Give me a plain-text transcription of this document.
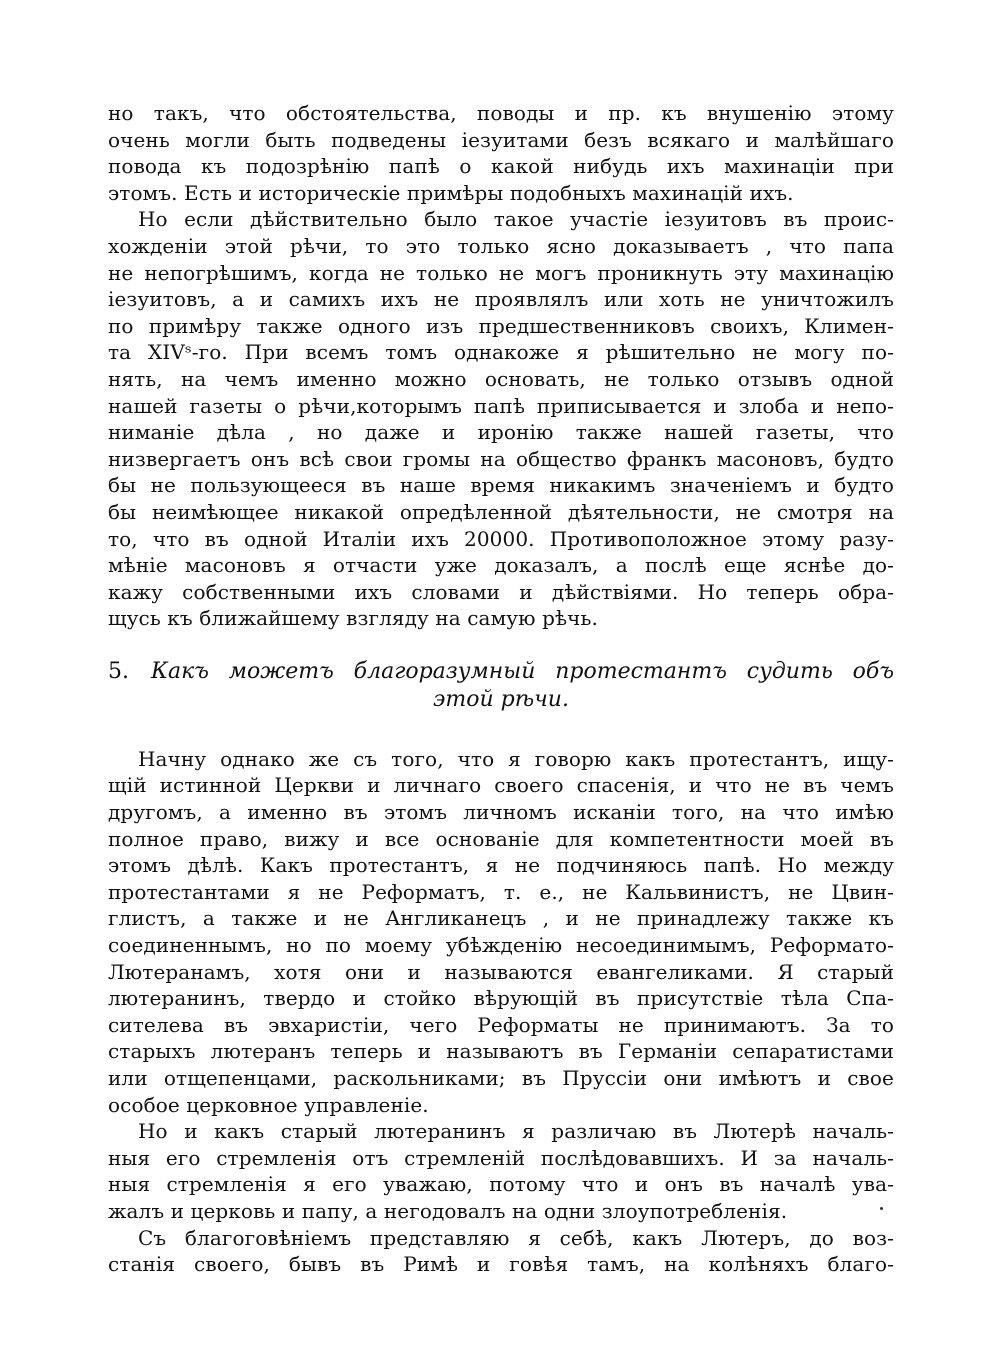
но такъ, что обстоятельства, поводы и пр. къ внушенію этому
очень могли быть подведены іезуитами безъ всякаго и малѣйшаго
повода къ подозрѣнію папѣ о какой нибудь ихъ махинаціи при
этомъ. Есть и историческіе примѣры подобныхъ махинацій ихъ.
Но если дѣйствительно было такое участіе іезуитовъ въ проис-
хожденіи этой рѣчи, то это только ясно доказываетъ , что папа
не непогрѣшимъ, когда не только не могъ проникнуть эту махинацію
іезуитовъ, а и самихъ ихъ не проявлялъ или хоть не уничтожилъ
по примѣру также одного изъ предшественниковъ своихъ, Климен-
та XIVˢ-го. При всемъ томъ однакоже я рѣшительно не могу по-
нять, на чемъ именно можно основать, не только отзывъ одной
нашей газеты о рѣчи,которымъ папѣ приписывается и злоба и непо-
ниманіе дѣла , но даже и иронію также нашей газеты, что
низвергаетъ онъ всѣ свои громы на общество франкъ масоновъ, будто
бы не пользующееся въ наше время никакимъ значеніемъ и будто
бы неимѣющее никакой опредѣленной дѣятельности, не смотря на
то, что въ одной Италіи ихъ 20000. Противоположное этому разу-
мѣніе масоновъ я отчасти уже доказалъ, а послѣ еще яснѣе до-
кажу собственными ихъ словами и дѣйствіями. Но теперь обра-
щусь къ ближайшему взгляду на самую рѣчь.
5. Какъ можетъ благоразумный протестантъ судить объ
этой рѣчи.
Начну однако же съ того, что я говорю какъ протестантъ, ищу-
щій истинной Церкви и личнаго своего спасенія, и что не въ чемъ
другомъ, а именно въ этомъ личномъ исканіи того, на что имѣю
полное право, вижу и все основаніе для компетентности моей въ
этомъ дѣлѣ. Какъ протестантъ, я не подчиняюсь папѣ. Но между
протестантами я не Реформатъ, т. е., не Кальвинистъ, не Цвин-
глистъ, а также и не Англиканецъ , и не принадлежу также къ
соединеннымъ, но по моему убѣжденію несоединимымъ, Реформато-
Лютеранамъ, хотя они и называются евангеликами. Я старый
лютеранинъ, твердо и стойко вѣрующій въ присутствіе тѣла Спа-
сителева въ эвхаристіи, чего Реформаты не принимаютъ. За то
старыхъ лютеранъ теперь и называютъ въ Германіи сепаратистами
или отщепенцами, раскольниками; въ Пруссіи они имѣютъ и свое
особое церковное управленіе.
Но и какъ старый лютеранинъ я различаю въ Лютерѣ началь-
ныя его стремленія отъ стремленій послѣдовавшихъ. И за началь-
ныя стремленія я его уважаю, потому что и онъ въ началѣ ува-
жалъ и церковь и папу, а негодовалъ на одни злоупотребленія.
Съ благоговѣніемъ представляю я себѣ, какъ Лютеръ, до воз-
станія своего, бывъ въ Римѣ и говѣя тамъ, на колѣняхъ благо-
